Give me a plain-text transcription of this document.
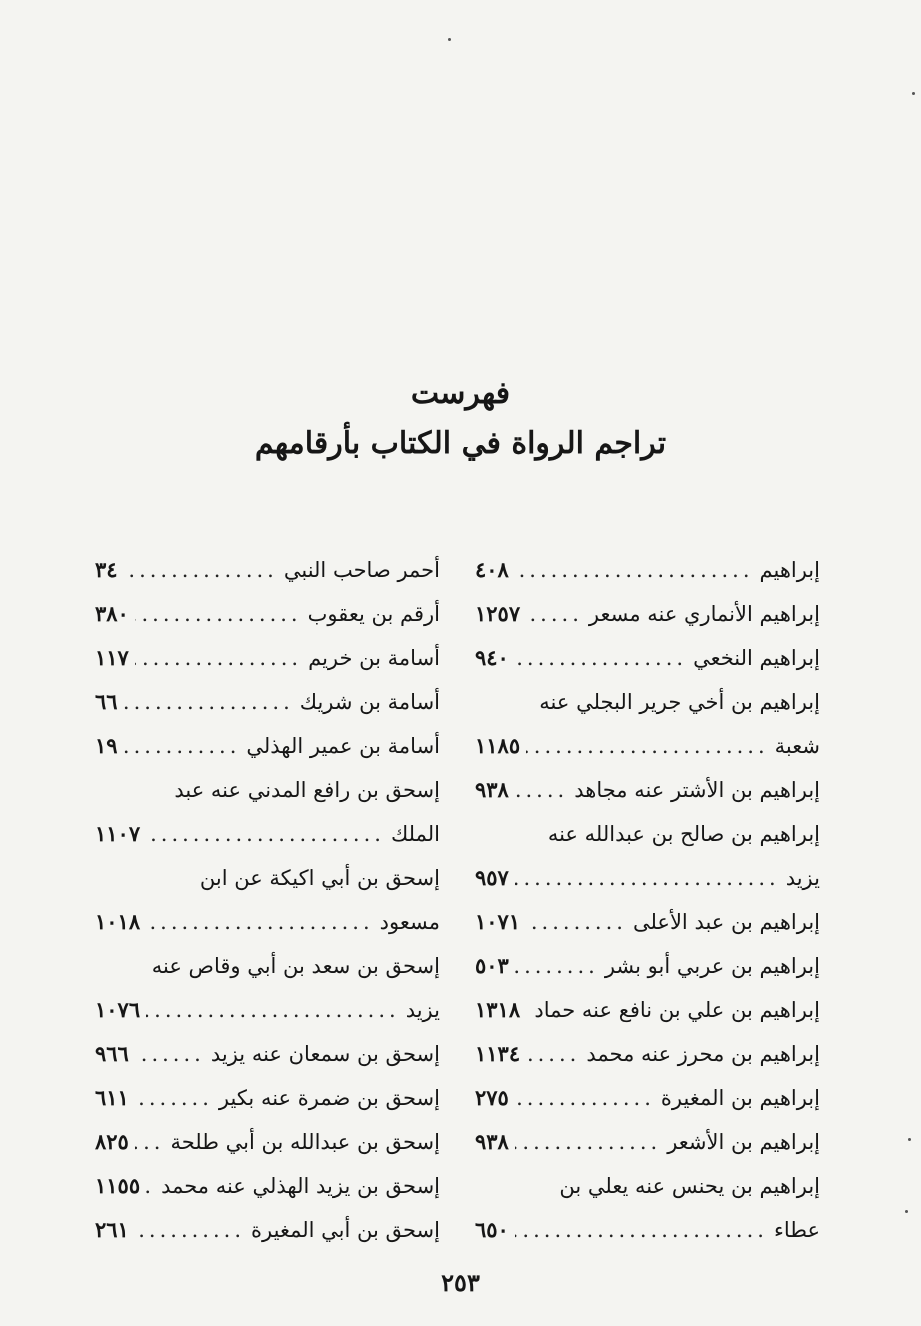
فهرست
تراجم الرواة في الكتاب بأرقامهم
إبراهيم
.....
٤٠٨
إبراهيم الأنماري عنه مسعر
.....
١٢٥٧
إبراهيم النخعي
.....
٩٤٠
إبراهيم بن أخي جرير البجلي عنه
شعبة
.....
١١٨٥
إبراهيم بن الأشتر عنه مجاهد
.....
٩٣٨
إبراهيم بن صالح بن عبدالله عنه
يزيد
.....
٩٥٧
إبراهيم بن عبد الأعلى
.....
١٠٧١
إبراهيم بن عربي أبو بشر
.....
٥٠٣
إبراهيم بن علي بن نافع عنه حماد
.....
١٣١٨
إبراهيم بن محرز عنه محمد
.....
١١٣٤
إبراهيم بن المغيرة
.....
٢٧٥
إبراهيم بن الأشعر
.....
٩٣٨
إبراهيم بن يحنس عنه يعلي بن
عطاء
.....
٦٥٠
أحمر صاحب النبي
.....
٣٤
أرقم بن يعقوب
.....
٣٨٠
أسامة بن خريم
.....
١١٧
أسامة بن شريك
.....
٦٦
أسامة بن عمير الهذلي
.....
١٩
إسحق بن رافع المدني عنه عبد
الملك
.....
١١٠٧
إسحق بن أبي اكيكة عن ابن
مسعود
.....
١٠١٨
إسحق بن سعد بن أبي وقاص عنه
يزيد
.....
١٠٧٦
إسحق بن سمعان عنه يزيد
.....
٩٦٦
إسحق بن ضمرة عنه بكير
.....
٦١١
إسحق بن عبدالله بن أبي طلحة
.....
٨٢٥
إسحق بن يزيد الهذلي عنه محمد
.....
١١٥٥
إسحق بن أبي المغيرة
.....
٢٦١
٢٥٣
